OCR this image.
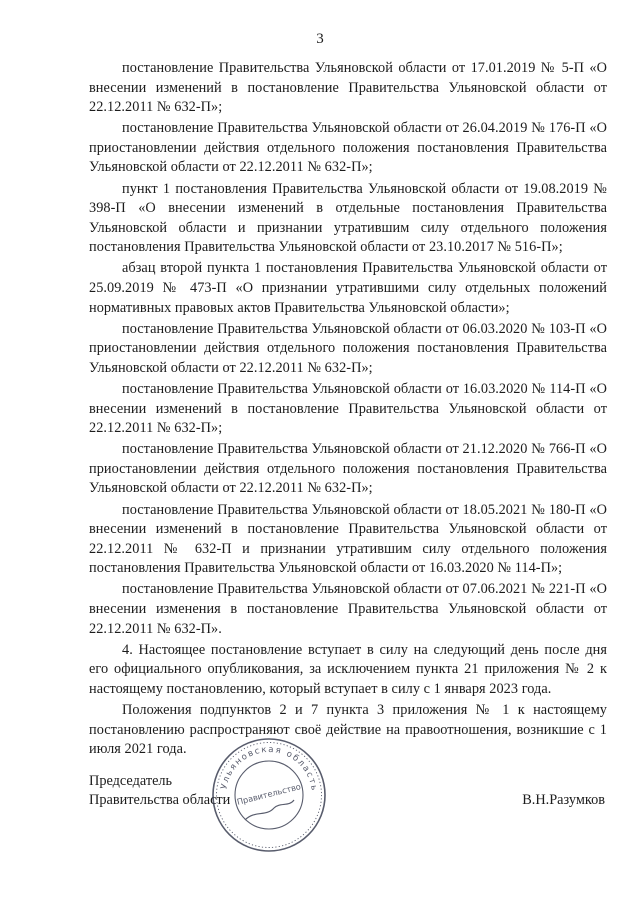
3

постановление Правительства Ульяновской области от 17.01.2019 № 5-П «О внесении изменений в постановление Правительства Ульяновской области от 22.12.2011 № 632-П»;

постановление Правительства Ульяновской области от 26.04.2019 № 176-П «О приостановлении действия отдельного положения постановления Правительства Ульяновской области от 22.12.2011 № 632-П»;

пункт 1 постановления Правительства Ульяновской области от 19.08.2019 № 398-П «О внесении изменений в отдельные постановления Правительства Ульяновской области и признании утратившим силу отдельного положения постановления Правительства Ульяновской области от 23.10.2017 № 516-П»;

абзац второй пункта 1 постановления Правительства Ульяновской области от 25.09.2019 № 473-П «О признании утратившими силу отдельных положений нормативных правовых актов Правительства Ульяновской области»;

постановление Правительства Ульяновской области от 06.03.2020 № 103-П «О приостановлении действия отдельного положения постановления Правительства Ульяновской области от 22.12.2011 № 632-П»;

постановление Правительства Ульяновской области от 16.03.2020 № 114-П «О внесении изменений в постановление Правительства Ульяновской области от 22.12.2011 № 632-П»;

постановление Правительства Ульяновской области от 21.12.2020 № 766-П «О приостановлении действия отдельного положения постановления Правительства Ульяновской области от 22.12.2011 № 632-П»;

постановление Правительства Ульяновской области от 18.05.2021 № 180-П «О внесении изменений в постановление Правительства Ульяновской области от 22.12.2011 № 632-П и признании утратившим силу отдельного положения постановления Правительства Ульяновской области от 16.03.2020 № 114-П»;

постановление Правительства Ульяновской области от 07.06.2021 № 221-П «О внесении изменения в постановление Правительства Ульяновской области от 22.12.2011 № 632-П».

4. Настоящее постановление вступает в силу на следующий день после дня его официального опубликования, за исключением пункта 21 приложения № 2 к настоящему постановлению, который вступает в силу с 1 января 2023 года.

Положения подпунктов 2 и 7 пункта 3 приложения № 1 к настоящему постановлению распространяют своё действие на правоотношения, возникшие с 1 июля 2021 года.

Председатель
Правительства области	В.Н.Разумков
Ульяновская область
Правительство
